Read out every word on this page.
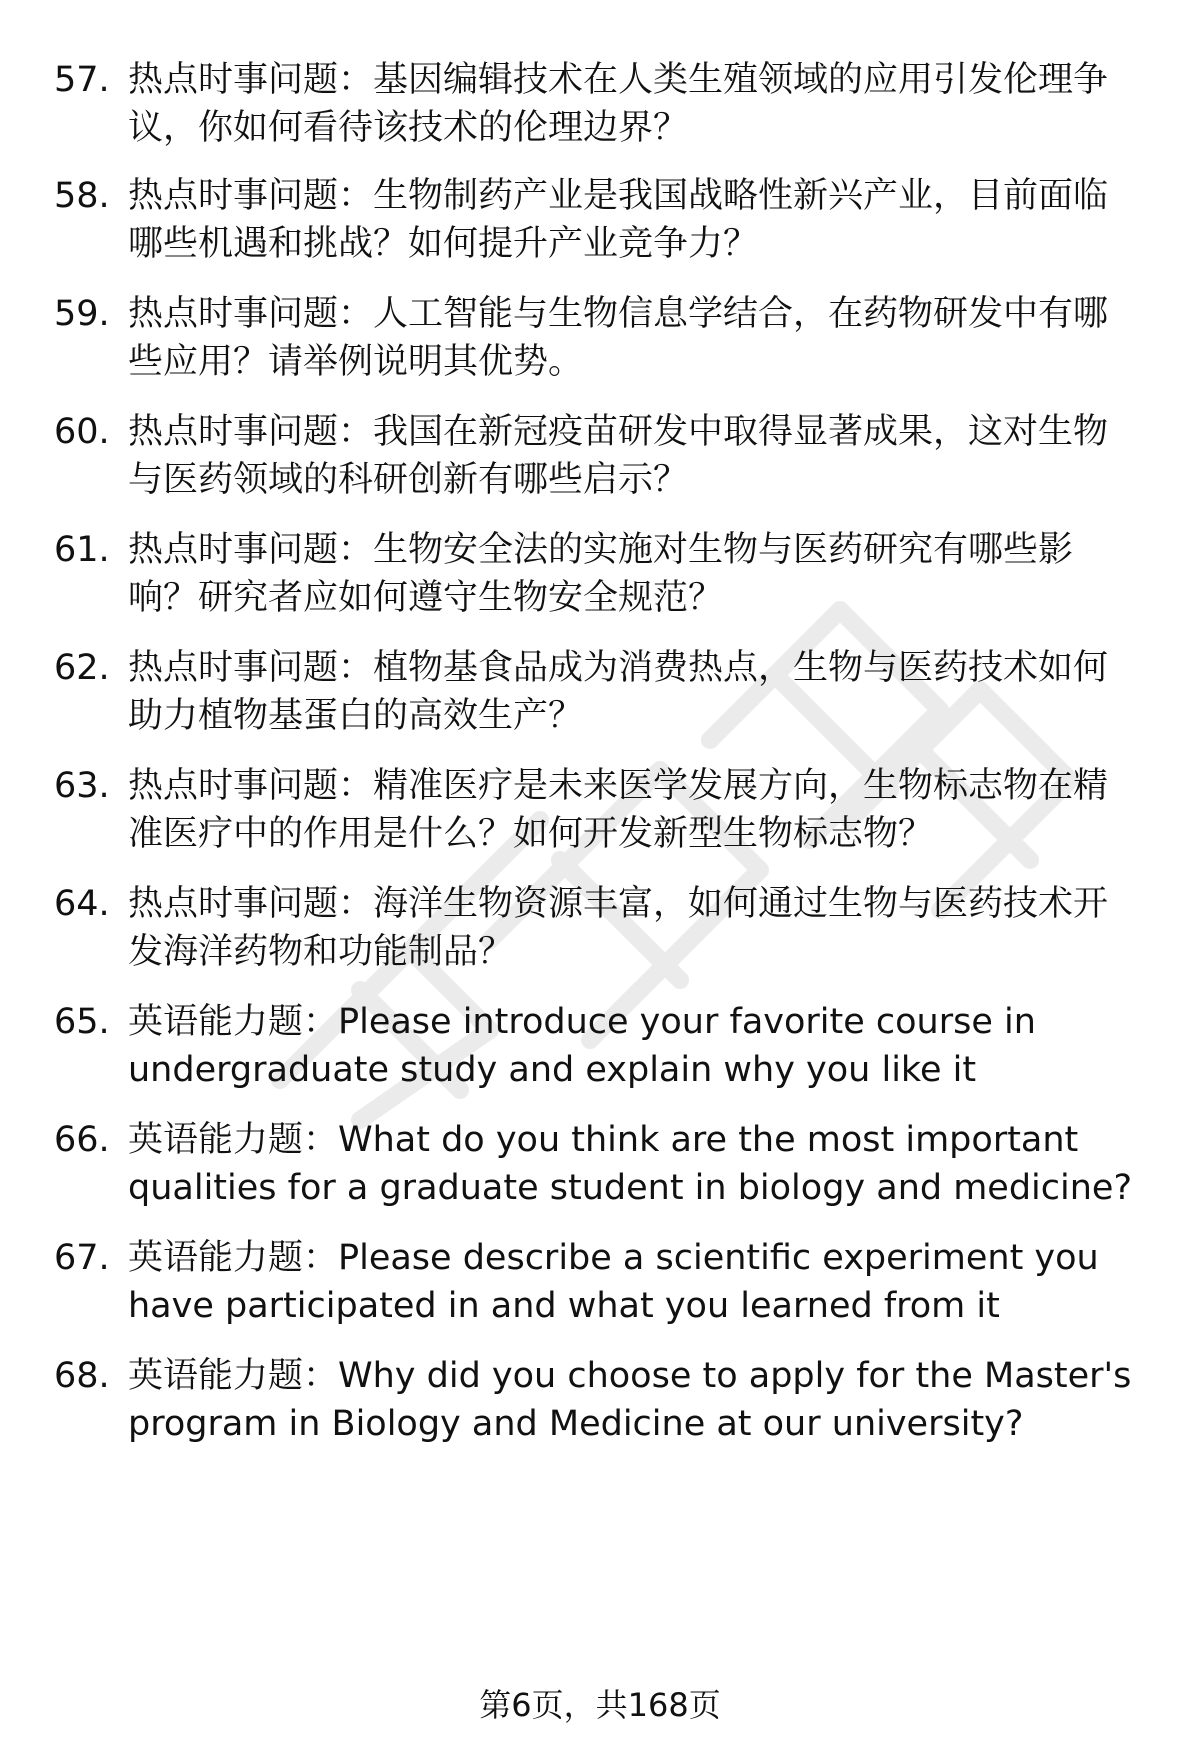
57. 热点时事问题：基因编辑技术在人类生殖领域的应用引发伦理争
议，你如何看待该技术的伦理边界？
58. 热点时事问题：生物制药产业是我国战略性新兴产业，目前面临
哪些机遇和挑战？如何提升产业竞争力？
59. 热点时事问题：人工智能与生物信息学结合，在药物研发中有哪
些应用？请举例说明其优势。
60. 热点时事问题：我国在新冠疫苗研发中取得显著成果，这对生物
与医药领域的科研创新有哪些启示？
61. 热点时事问题：生物安全法的实施对生物与医药研究有哪些影
响？研究者应如何遵守生物安全规范？
62. 热点时事问题：植物基食品成为消费热点，生物与医药技术如何
助力植物基蛋白的高效生产？
63. 热点时事问题：精准医疗是未来医学发展方向，生物标志物在精
准医疗中的作用是什么？如何开发新型生物标志物？
64. 热点时事问题：海洋生物资源丰富，如何通过生物与医药技术开
发海洋药物和功能制品？
65. 英语能力题：Please introduce your favorite course in
undergraduate study and explain why you like it
66. 英语能力题：What do you think are the most important
qualities for a graduate student in biology and medicine?
67. 英语能力题：Please describe a scientific experiment you
have participated in and what you learned from it
68. 英语能力题：Why did you choose to apply for the Master's
program in Biology and Medicine at our university?
第6页，共168页
